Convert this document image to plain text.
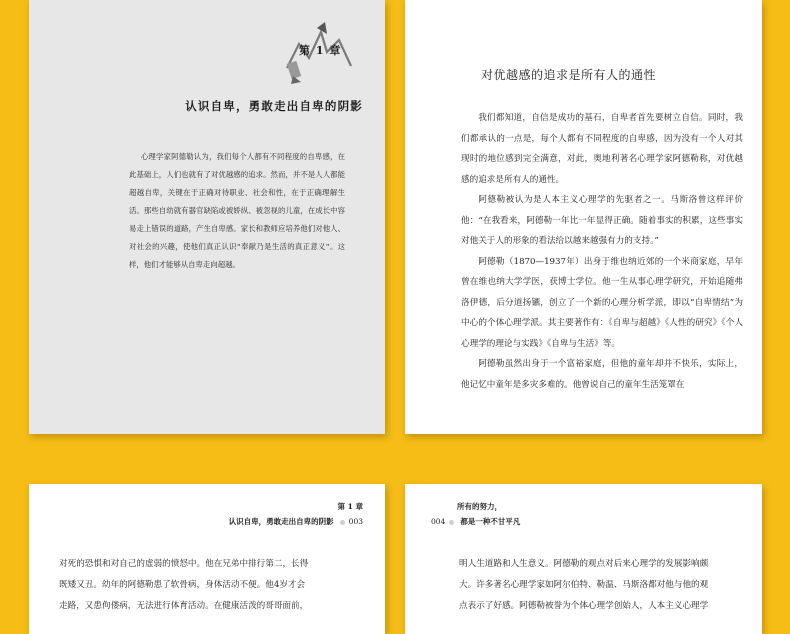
第 1 章
认识自卑，勇敢走出自卑的阴影
心理学家阿德勒认为，我们每个人都有不同程度的自卑感，在此基础上，人们也就有了对优越感的追求。然而，并不是人人都能超越自卑，关键在于正确对待职业、社会和性，在于正确理解生活。那些自幼就有器官缺陷或被娇纵、被忽视的儿童，在成长中容易走上错误的道路，产生自卑感。家长和教师应培养他们对他人、对社会的兴趣，使他们真正认识“奉献乃是生活的真正意义”。这样，他们才能够从自卑走向超越。
对优越感的追求是所有人的通性

我们都知道，自信是成功的基石，自卑者首先要树立自信。同时，我们都承认的一点是，每个人都有不同程度的自卑感，因为没有一个人对其现时的地位感到完全满意，对此，奥地利著名心理学家阿德勒称，对优越感的追求是所有人的通性。

阿德勒被认为是人本主义心理学的先驱者之一。马斯洛曾这样评价他：“在我看来，阿德勒一年比一年显得正确。随着事实的积累，这些事实对他关于人的形象的看法给以越来越强有力的支持。”

阿德勒（1870—1937年）出身于维也纳近郊的一个米商家庭，早年曾在维也纳大学学医，获博士学位。他一生从事心理学研究，开始追随弗洛伊德，后分道扬镳，创立了一个新的心理分析学派，即以“自卑情结”为中心的个体心理学派。其主要著作有：《自卑与超越》《人性的研究》《个人心理学的理论与实践》《自卑与生活》等。

阿德勒虽然出身于一个富裕家庭，但他的童年却并不快乐，实际上，他记忆中童年是多灾多难的。他曾说自己的童年生活笼罩在

第 1 章
认识自卑，勇敢走出自卑的阴影 003

对死的恐惧和对自己的虚弱的愤怒中。他在兄弟中排行第二，长得

既矮又丑。幼年的阿德勒患了软骨病，身体活动不便。他4岁才会

走路，又患佝偻病，无法进行体育活动。在健康活泼的哥哥面前，

所有的努力，
004 都是一种不甘平凡

明人生道路和人生意义。阿德勒的观点对后来心理学的发展影响颇

大。许多著名心理学家如阿尔伯特、勒温、马斯洛都对他与他的观

点表示了好感。阿德勒被誉为个体心理学创始人，人本主义心理学
